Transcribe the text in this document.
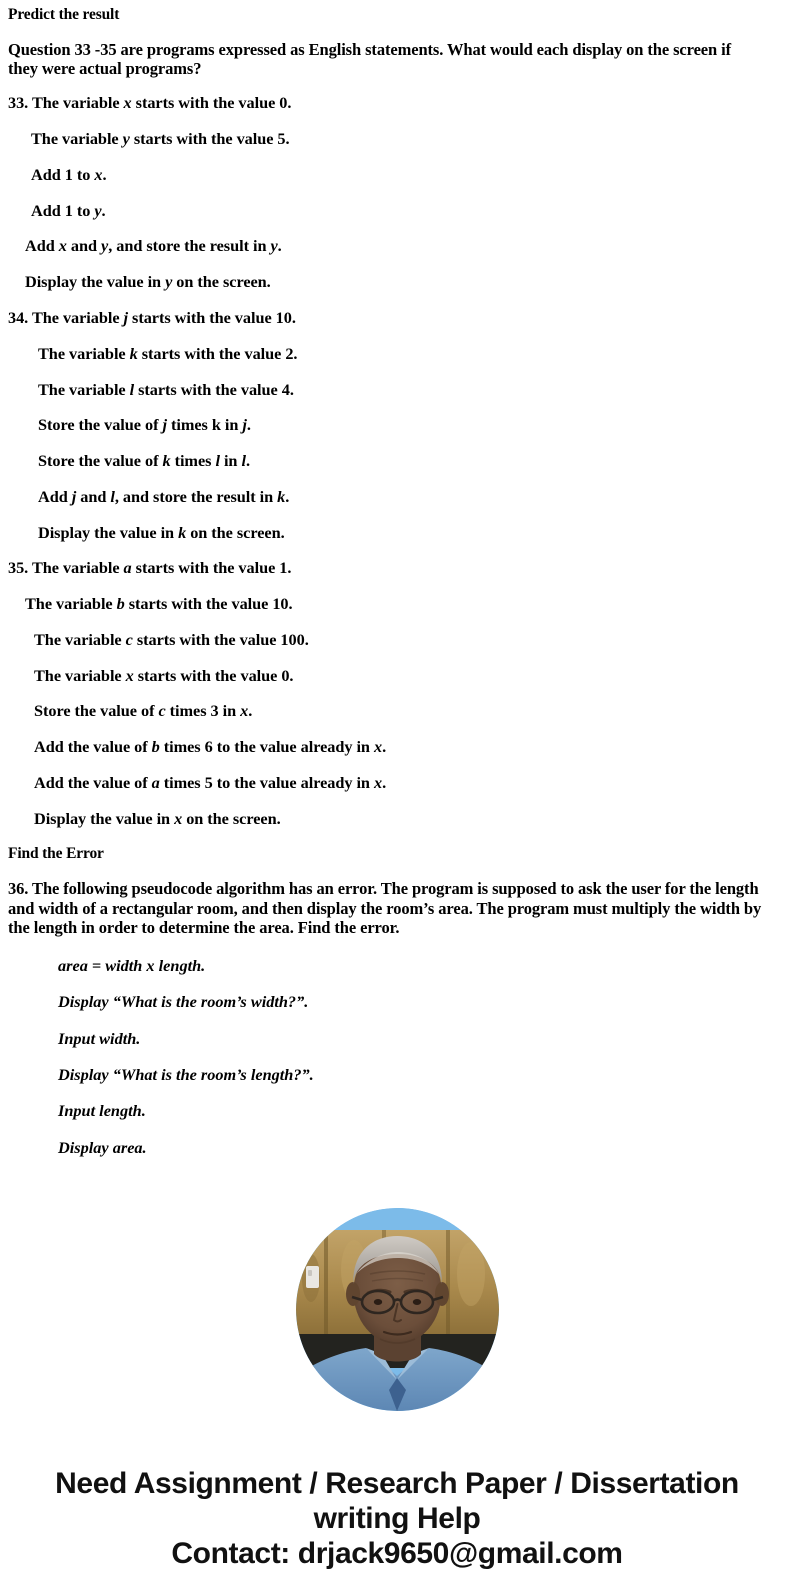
Predict the result
Question 33 -35 are programs expressed as English statements. What would each display on the screen if they were actual programs?
33. The variable x starts with the value 0.
The variable y starts with the value 5.
Add 1 to x.
Add 1 to y.
Add x and y, and store the result in y.
Display the value in y on the screen.
34. The variable j starts with the value 10.
The variable k starts with the value 2.
The variable l starts with the value 4.
Store the value of j times k in j.
Store the value of k times l in l.
Add j and l, and store the result in k.
Display the value in k on the screen.
35. The variable a starts with the value 1.
The variable b starts with the value 10.
The variable c starts with the value 100.
The variable x starts with the value 0.
Store the value of c times 3 in x.
Add the value of b times 6 to the value already in x.
Add the value of a times 5 to the value already in x.
Display the value in x on the screen.
Find the Error
36. The following pseudocode algorithm has an error. The program is supposed to ask the user for the length and width of a rectangular room, and then display the room’s area. The program must multiply the width by the length in order to determine the area. Find the error.
area = width x length.
Display “What is the room’s width?”.
Input width.
Display “What is the room’s length?”.
Input length.
Display area.
Need Assignment / Research Paper / Dissertation
writing Help
Contact: drjack9650@gmail.com
